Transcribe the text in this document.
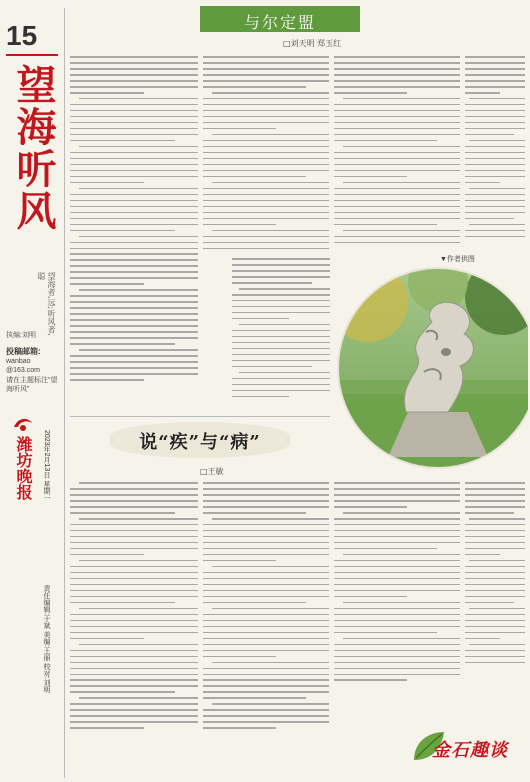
15
望海听风
望海者,远;听风者,聪
执编:刘明
投稿邮箱:
wanbao
@163.com
请在主题标注“望海听风”
潍坊晚报 2023年2月13日 星期一
责任编辑:于斌 美编:王丽 校对:刘明
与尔定盟
□刘天明 郑玉红
▼作者供图
说“疾”与“病”
□王敏
金石趣谈
